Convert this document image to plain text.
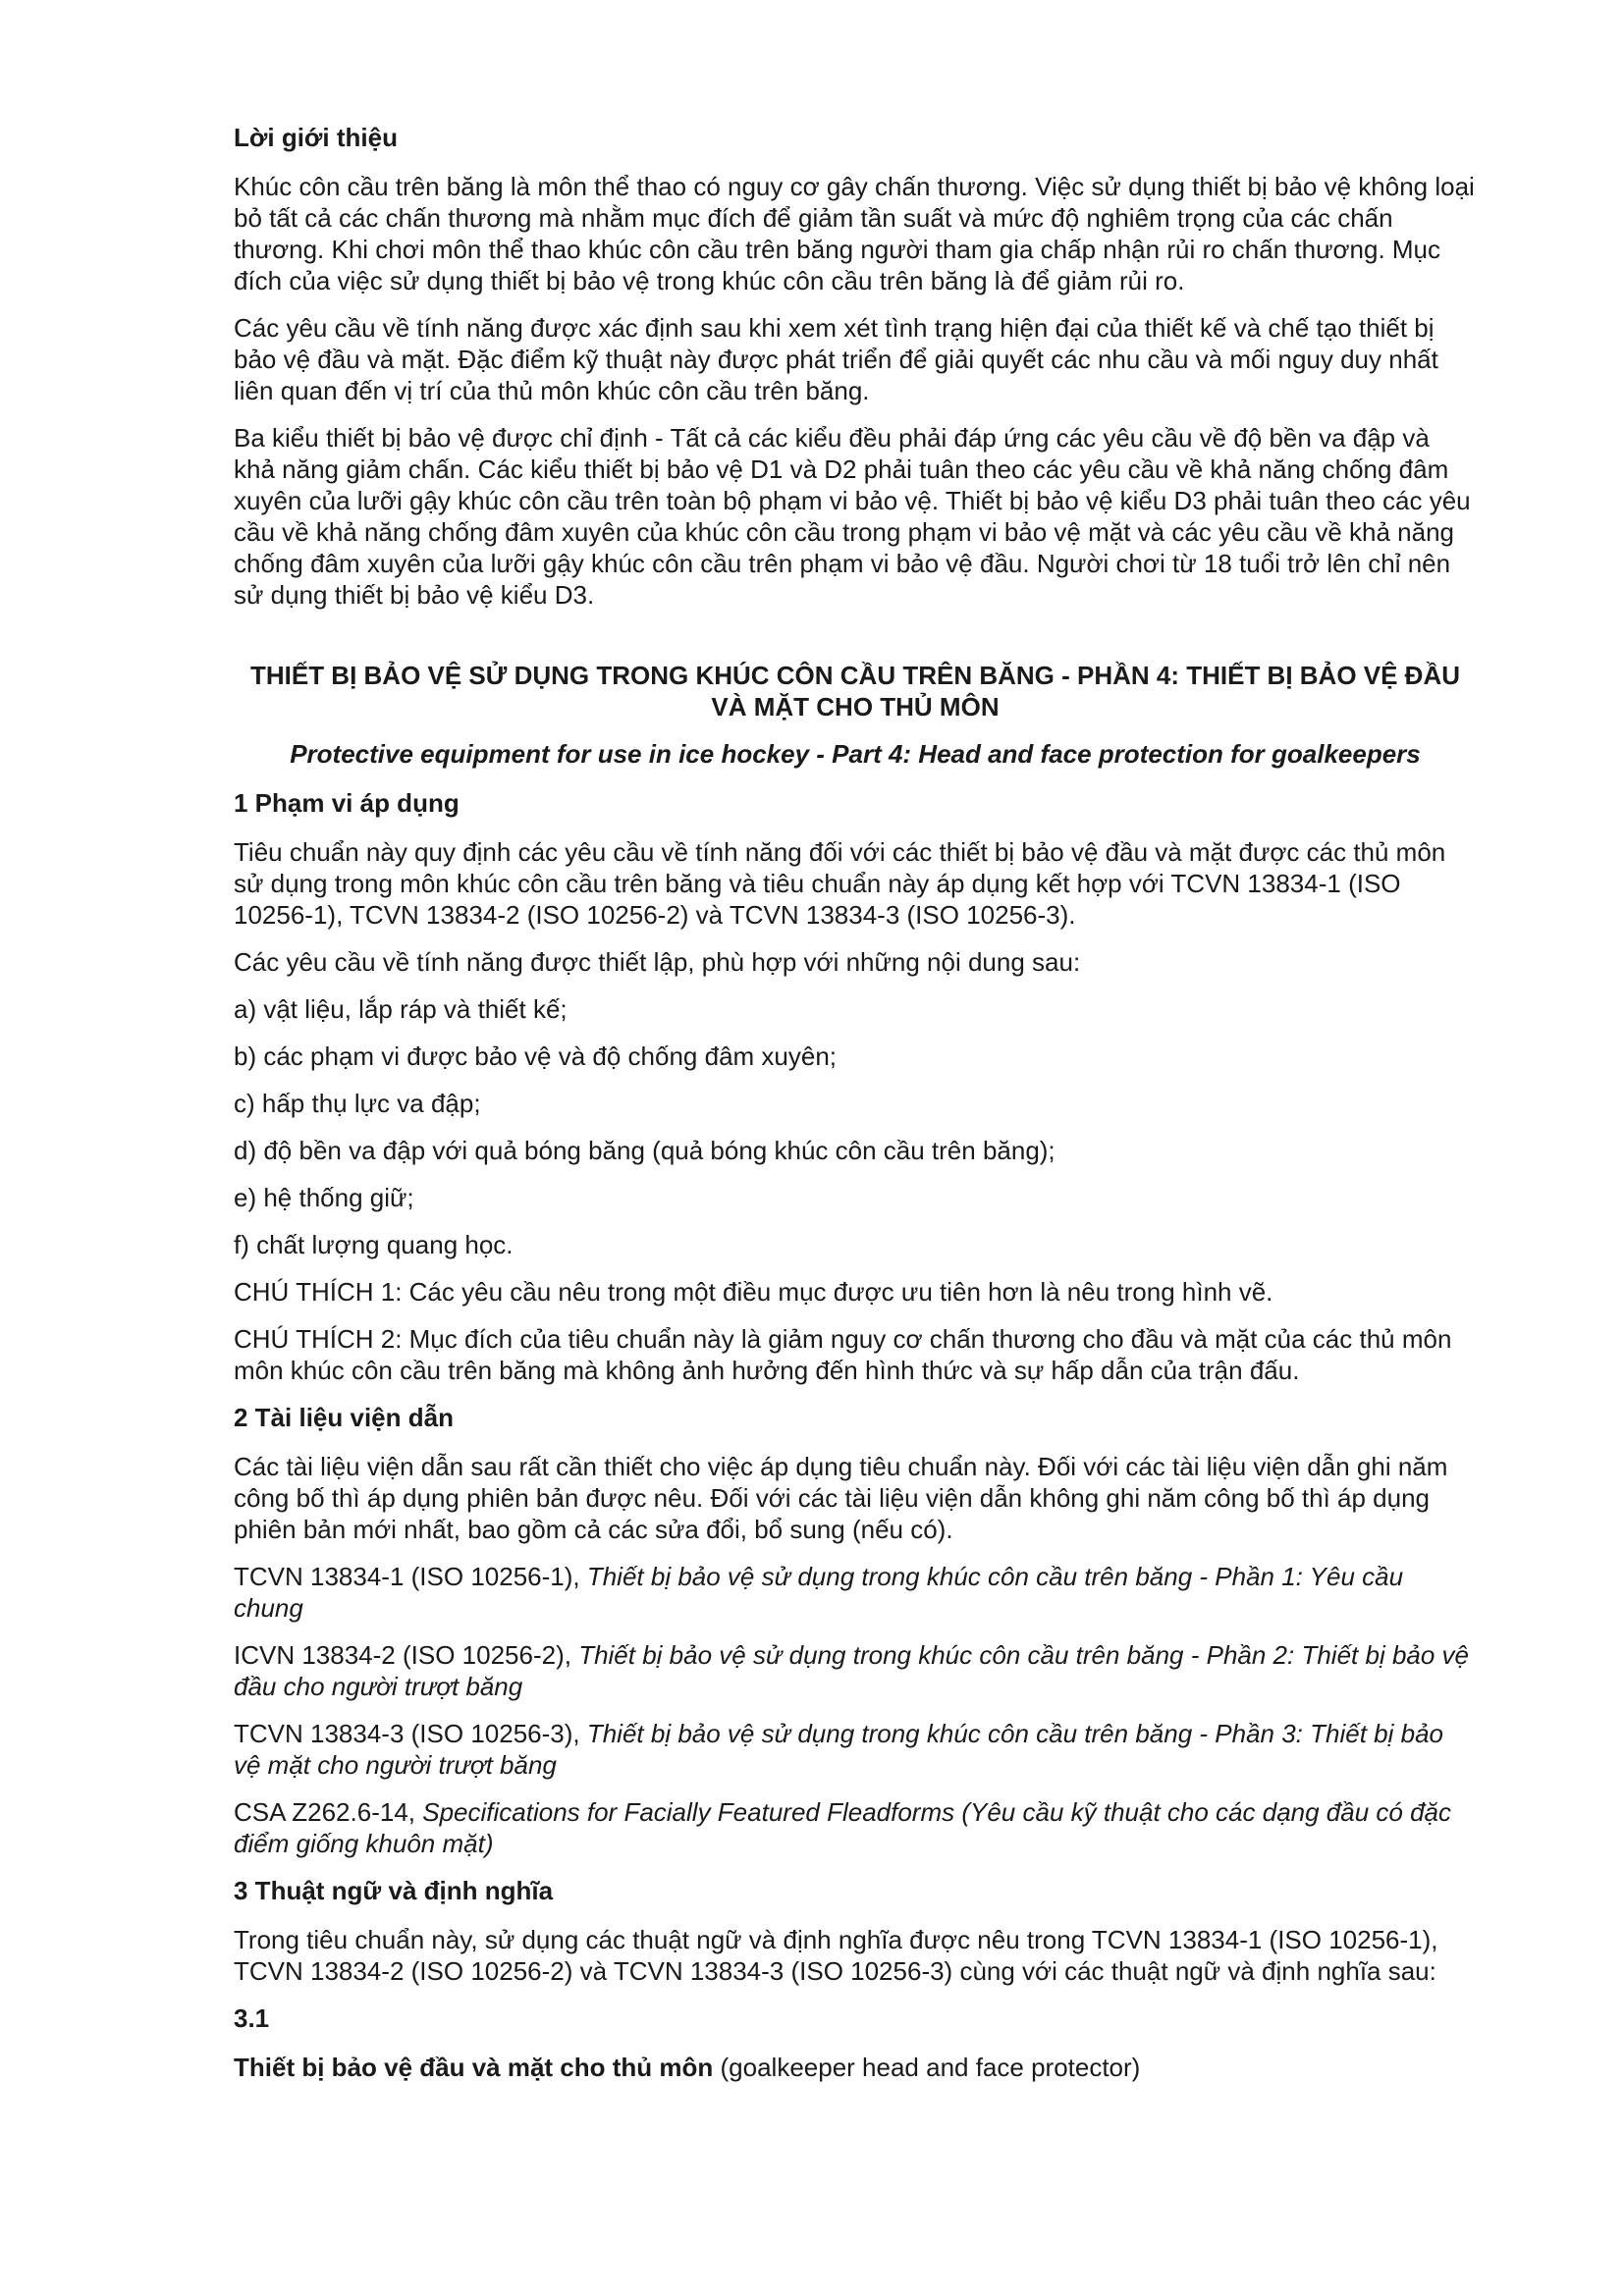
Lời giới thiệu

Khúc côn cầu trên băng là môn thể thao có nguy cơ gây chấn thương. Việc sử dụng thiết bị bảo vệ không loại bỏ tất cả các chấn thương mà nhằm mục đích để giảm tần suất và mức độ nghiêm trọng của các chấn thương. Khi chơi môn thể thao khúc côn cầu trên băng người tham gia chấp nhận rủi ro chấn thương. Mục đích của việc sử dụng thiết bị bảo vệ trong khúc côn cầu trên băng là để giảm rủi ro.

Các yêu cầu về tính năng được xác định sau khi xem xét tình trạng hiện đại của thiết kế và chế tạo thiết bị bảo vệ đầu và mặt. Đặc điểm kỹ thuật này được phát triển để giải quyết các nhu cầu và mối nguy duy nhất liên quan đến vị trí của thủ môn khúc côn cầu trên băng.

Ba kiểu thiết bị bảo vệ được chỉ định - Tất cả các kiểu đều phải đáp ứng các yêu cầu về độ bền va đập và khả năng giảm chấn. Các kiểu thiết bị bảo vệ D1 và D2 phải tuân theo các yêu cầu về khả năng chống đâm xuyên của lưỡi gậy khúc côn cầu trên toàn bộ phạm vi bảo vệ. Thiết bị bảo vệ kiểu D3 phải tuân theo các yêu cầu về khả năng chống đâm xuyên của khúc côn cầu trong phạm vi bảo vệ mặt và các yêu cầu về khả năng chống đâm xuyên của lưỡi gậy khúc côn cầu trên phạm vi bảo vệ đầu. Người chơi từ 18 tuổi trở lên chỉ nên sử dụng thiết bị bảo vệ kiểu D3.

THIẾT BỊ BẢO VỆ SỬ DỤNG TRONG KHÚC CÔN CẦU TRÊN BĂNG - PHẦN 4: THIẾT BỊ BẢO VỆ ĐẦU VÀ MẶT CHO THỦ MÔN

Protective equipment for use in ice hockey - Part 4: Head and face protection for goalkeepers

1 Phạm vi áp dụng

Tiêu chuẩn này quy định các yêu cầu về tính năng đối với các thiết bị bảo vệ đầu và mặt được các thủ môn sử dụng trong môn khúc côn cầu trên băng và tiêu chuẩn này áp dụng kết hợp với TCVN 13834-1 (ISO 10256-1), TCVN 13834-2 (ISO 10256-2) và TCVN 13834-3 (ISO 10256-3).

Các yêu cầu về tính năng được thiết lập, phù hợp với những nội dung sau:

a) vật liệu, lắp ráp và thiết kế;

b) các phạm vi được bảo vệ và độ chống đâm xuyên;

c) hấp thụ lực va đập;

d) độ bền va đập với quả bóng băng (quả bóng khúc côn cầu trên băng);

e) hệ thống giữ;

f) chất lượng quang học.

CHÚ THÍCH 1: Các yêu cầu nêu trong một điều mục được ưu tiên hơn là nêu trong hình vẽ.

CHÚ THÍCH 2: Mục đích của tiêu chuẩn này là giảm nguy cơ chấn thương cho đầu và mặt của các thủ môn môn khúc côn cầu trên băng mà không ảnh hưởng đến hình thức và sự hấp dẫn của trận đấu.

2 Tài liệu viện dẫn

Các tài liệu viện dẫn sau rất cần thiết cho việc áp dụng tiêu chuẩn này. Đối với các tài liệu viện dẫn ghi năm công bố thì áp dụng phiên bản được nêu. Đối với các tài liệu viện dẫn không ghi năm công bố thì áp dụng phiên bản mới nhất, bao gồm cả các sửa đổi, bổ sung (nếu có).

TCVN 13834-1 (ISO 10256-1), Thiết bị bảo vệ sử dụng trong khúc côn cầu trên băng - Phần 1: Yêu cầu chung

ICVN 13834-2 (ISO 10256-2), Thiết bị bảo vệ sử dụng trong khúc côn cầu trên băng - Phần 2: Thiết bị bảo vệ đầu cho người trượt băng

TCVN 13834-3 (ISO 10256-3), Thiết bị bảo vệ sử dụng trong khúc côn cầu trên băng - Phần 3: Thiết bị bảo vệ mặt cho người trượt băng

CSA Z262.6-14, Specifications for Facially Featured Fleadforms (Yêu cầu kỹ thuật cho các dạng đầu có đặc điểm giống khuôn mặt)

3 Thuật ngữ và định nghĩa

Trong tiêu chuẩn này, sử dụng các thuật ngữ và định nghĩa được nêu trong TCVN 13834-1 (ISO 10256-1), TCVN 13834-2 (ISO 10256-2) và TCVN 13834-3 (ISO 10256-3) cùng với các thuật ngữ và định nghĩa sau:

3.1

Thiết bị bảo vệ đầu và mặt cho thủ môn (goalkeeper head and face protector)
